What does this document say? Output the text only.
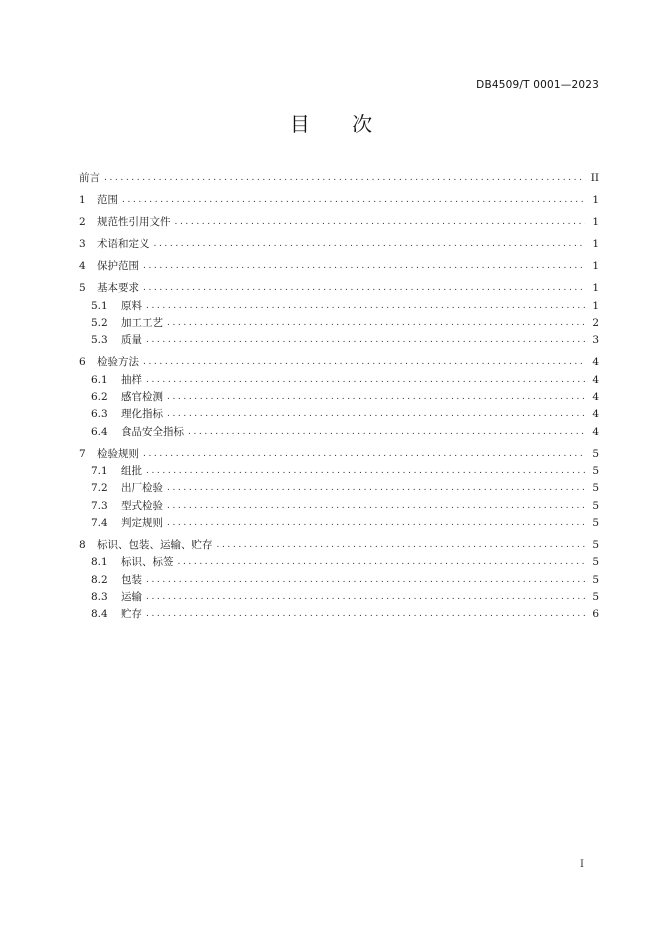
DB4509/T 0001—2023
目 次
前言 .....	II
1	范围 .....	1
2	规范性引用文件 .....	1
3	术语和定义 .....	1
4	保护范围 .....	1
5	基本要求 .....	1
5.1	原料 .....	1
5.2	加工工艺 .....	2
5.3	质量 .....	3
6	检验方法 .....	4
6.1	抽样 .....	4
6.2	感官检测 .....	4
6.3	理化指标 .....	4
6.4	食品安全指标 .....	4
7	检验规则 .....	5
7.1	组批 .....	5
7.2	出厂检验 .....	5
7.3	型式检验 .....	5
7.4	判定规则 .....	5
8	标识、包装、运输、贮存 .....	5
8.1	标识、标签 .....	5
8.2	包装 .....	5
8.3	运输 .....	5
8.4	贮存 .....	6
I
